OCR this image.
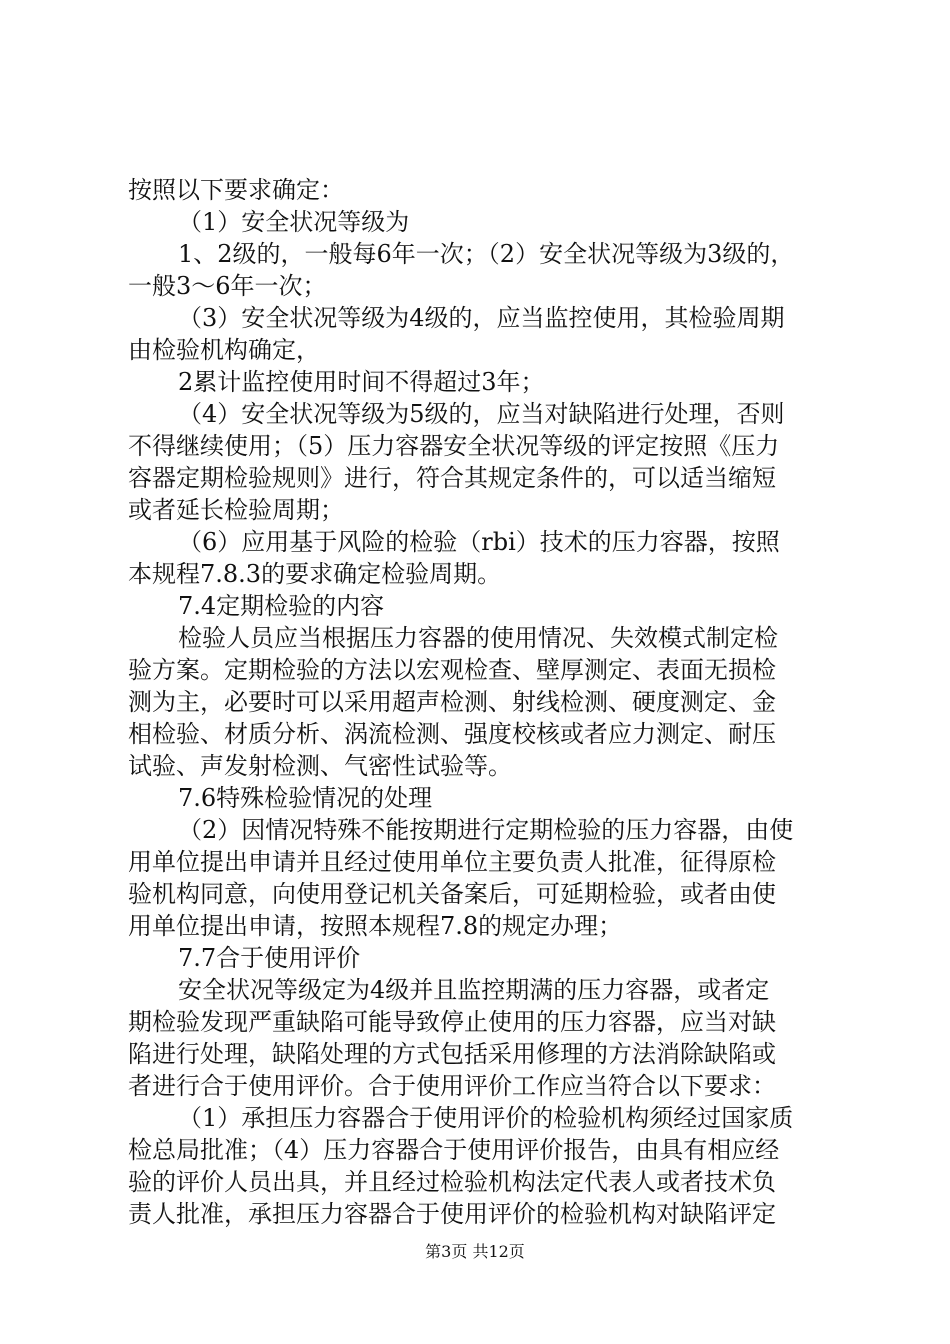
按照以下要求确定：
（1）安全状况等级为
1、2级的，一般每6年一次；（2）安全状况等级为3级的，
一般3～6年一次；
（3）安全状况等级为4级的，应当监控使用，其检验周期
由检验机构确定，
2累计监控使用时间不得超过3年；
（4）安全状况等级为5级的，应当对缺陷进行处理，否则
不得继续使用；（5）压力容器安全状况等级的评定按照《压力
容器定期检验规则》进行，符合其规定条件的，可以适当缩短
或者延长检验周期；
（6）应用基于风险的检验（rbi）技术的压力容器，按照
本规程7.8.3的要求确定检验周期。
7.4定期检验的内容
检验人员应当根据压力容器的使用情况、失效模式制定检
验方案。定期检验的方法以宏观检查、壁厚测定、表面无损检
测为主，必要时可以采用超声检测、射线检测、硬度测定、金
相检验、材质分析、涡流检测、强度校核或者应力测定、耐压
试验、声发射检测、气密性试验等。
7.6特殊检验情况的处理
（2）因情况特殊不能按期进行定期检验的压力容器，由使
用单位提出申请并且经过使用单位主要负责人批准，征得原检
验机构同意，向使用登记机关备案后，可延期检验，或者由使
用单位提出申请，按照本规程7.8的规定办理；
7.7合于使用评价
安全状况等级定为4级并且监控期满的压力容器，或者定
期检验发现严重缺陷可能导致停止使用的压力容器，应当对缺
陷进行处理，缺陷处理的方式包括采用修理的方法消除缺陷或
者进行合于使用评价。合于使用评价工作应当符合以下要求：
（1）承担压力容器合于使用评价的检验机构须经过国家质
检总局批准；（4）压力容器合于使用评价报告，由具有相应经
验的评价人员出具，并且经过检验机构法定代表人或者技术负
责人批准，承担压力容器合于使用评价的检验机构对缺陷评定
第3页 共12页
